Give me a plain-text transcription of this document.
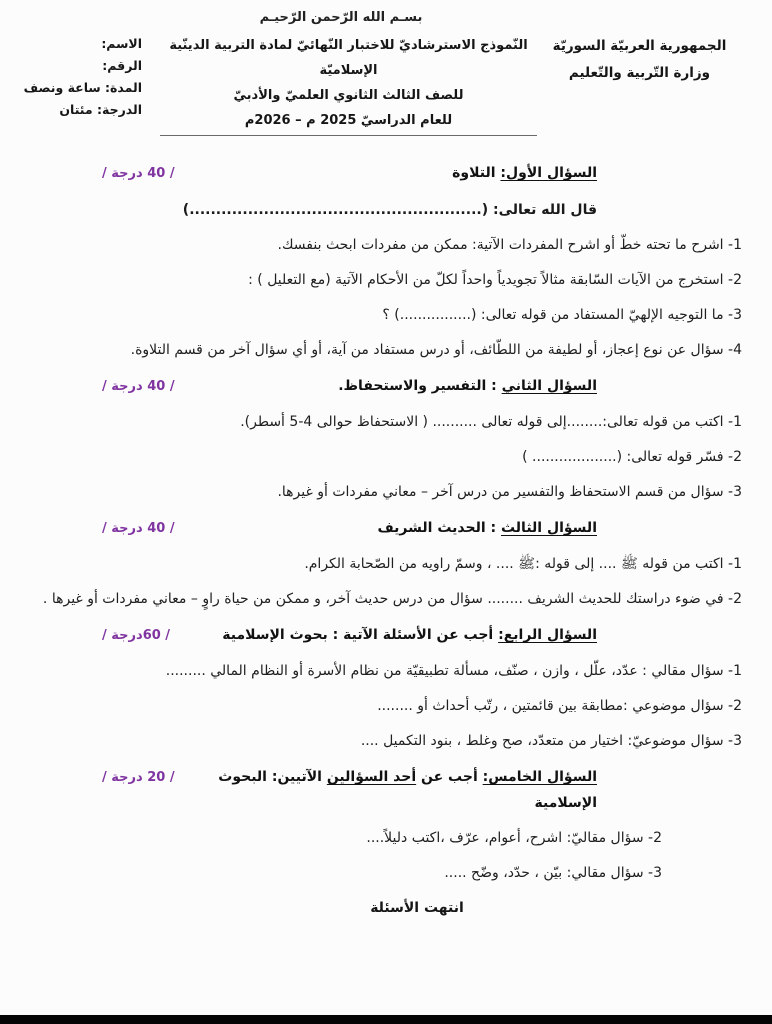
بسـم الله الرّحمن الرّحيـم
الجمهورية العربيّة السوريّة
وزارة التّربية والتّعليم
النّموذج الاسترشاديّ للاختبار النّهائيّ لمادة التربية الدينّية الإسلاميّة
للصف الثالث الثانوي العلميّ والأدبيّ
للعام الدراسيّ 2025 م – 2026م
الاسم:
الرقم:
المدة: ساعة ونصف
الدرجة: مئتان
السؤال الأول: التلاوة
/ 40 درجة /
قال الله تعالى: (.......................................................)
1- اشرح ما تحته خطّ أو اشرح المفردات الآتية: ممكن من مفردات ابحث بنفسك.
2- استخرج من الآيات السّابقة مثالاً تجويدياً واحداً لكلّ من الأحكام الآتية (مع التعليل ) :
3- ما التوجيه الإلهيّ المستفاد من قوله تعالى: (................) ؟
4- سؤال عن نوع إعجاز، أو لطيفة من اللطّائف، أو درس مستفاد من آية، أو أي سؤال آخر من قسم التلاوة.
السؤال الثاني : التفسير والاستحفاظ.
/ 40 درجة /
1- اكتب من قوله تعالى:........إلى قوله تعالى .......... ( الاستحفاظ حوالى 4-5 أسطر).
2- فسّر قوله تعالى: (................... )
3- سؤال من قسم الاستحفاظ والتفسير من درس آخر – معاني مفردات أو غيرها.
السؤال الثالث : الحديث الشريف
/ 40 درجة /
1- اكتب من قوله ﷺ .... إلى قوله :ﷺ .... ، وسمّ راويه من الصّحابة الكرام.
2- في ضوء دراستك للحديث الشريف ........ سؤال من درس حديث آخر، و ممكن من حياة راوٍ – معاني مفردات أو غيرها .
السؤال الرابع: أجب عن الأسئلة الآتية : بحوث الإسلامية
/ 60درجة /
1- سؤال مقالي : عدّد، علّل ، وازن ، صنّف، مسألة تطبيقيّة من نظام الأسرة أو النظام المالي .........
2- سؤال موضوعي :مطابقة بين قائمتين ، رتّب أحداث أو ........
3- سؤال موضوعيّ: اختيار من متعدّد، صح وغلط ، بنود التكميل ....
السؤال الخامس: أجب عن أحد السؤالين الآتيين: البحوث الإسلامية
/ 20 درجة /
2- سؤال مقاليّ: اشرح، أعوام، عرّف ،اكتب دليلاً....
3- سؤال مقالي: بيّن ، حدّد، وضّح .....
انتهت الأسئلة
